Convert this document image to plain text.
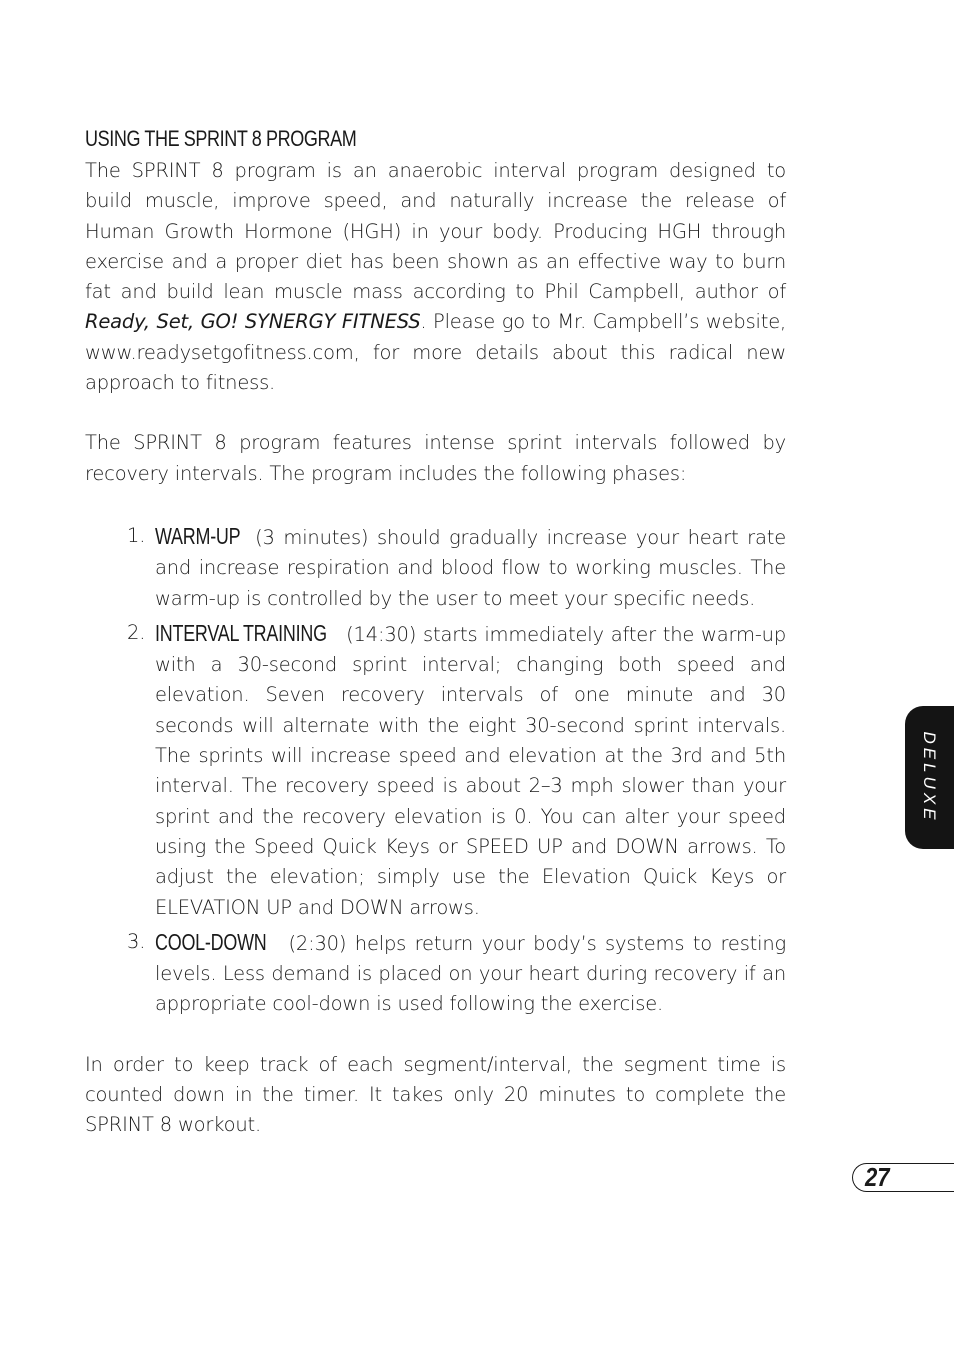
USING THE SPRINT 8 PROGRAM

The SPRINT 8 program is an anaerobic interval program designed to build muscle, improve speed, and naturally increase the release of Human Growth Hormone (HGH) in your body. Producing HGH through exercise and a proper diet has been shown as an effective way to burn fat and build lean muscle mass according to Phil Campbell, author of Ready, Set, GO! SYNERGY FITNESS. Please go to Mr. Campbell’s website, www.readysetgofitness.com, for more details about this radical new approach to fitness.

The SPRINT 8 program features intense sprint intervals followed by recovery intervals. The program includes the following phases:

1. WARM-UP (3 minutes) should gradually increase your heart rate and increase respiration and blood flow to working muscles. The warm-up is controlled by the user to meet your specific needs.
2. INTERVAL TRAINING (14:30) starts immediately after the warm-up with a 30-second sprint interval; changing both speed and elevation. Seven recovery intervals of one minute and 30 seconds will alternate with the eight 30-second sprint intervals. The sprints will increase speed and elevation at the 3rd and 5th interval. The recovery speed is about 2–3 mph slower than your sprint and the recovery elevation is 0. You can alter your speed using the Speed Quick Keys or SPEED UP and DOWN arrows. To adjust the elevation; simply use the Elevation Quick Keys or ELEVATION UP and DOWN arrows.
3. COOL-DOWN (2:30) helps return your body’s systems to resting levels. Less demand is placed on your heart during recovery if an appropriate cool-down is used following the exercise.

In order to keep track of each segment/interval, the segment time is counted down in the timer. It takes only 20 minutes to complete the SPRINT 8 workout.

DELUXE
27
